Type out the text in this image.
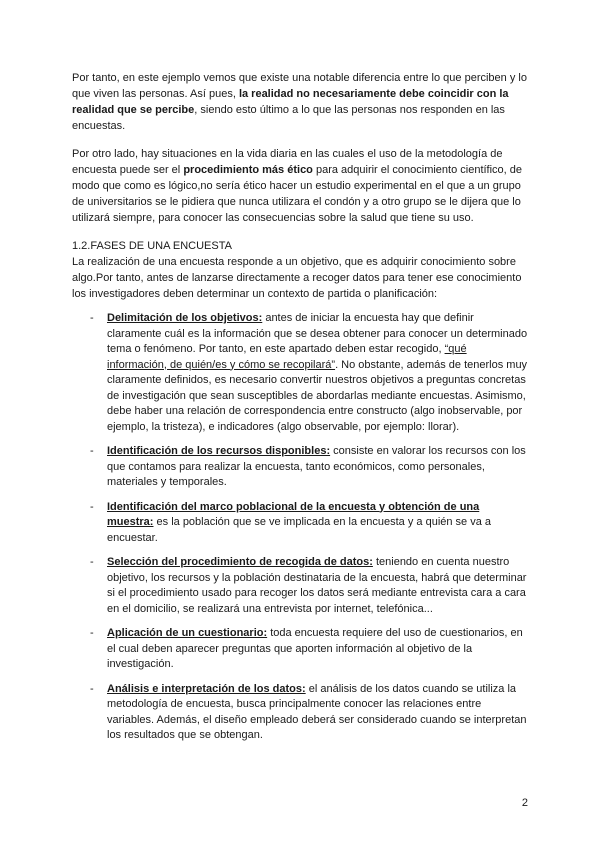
Por tanto, en este ejemplo vemos que existe una notable diferencia entre lo que perciben y lo que viven las personas. Así pues, la realidad no necesariamente debe coincidir con la realidad que se percibe, siendo esto último a lo que las personas nos responden en las encuestas.

Por otro lado, hay situaciones en la vida diaria en las cuales el uso de la metodología de encuesta puede ser el procedimiento más ético para adquirir el conocimiento científico, de modo que como es lógico,no sería ético hacer un estudio experimental en el que a un grupo de universitarios se le pidiera que nunca utilizara el condón y a otro grupo se le dijera que lo utilizará siempre, para conocer las consecuencias sobre la salud que tiene su uso.

1.2.FASES DE UNA ENCUESTA

La realización de una encuesta responde a un objetivo, que es adquirir conocimiento sobre algo.Por tanto, antes de lanzarse directamente a recoger datos para tener ese conocimiento los investigadores deben determinar un contexto de partida o planificación:

- Delimitación de los objetivos: antes de iniciar la encuesta hay que definir claramente cuál es la información que se desea obtener para conocer un determinado tema o fenómeno. Por tanto, en este apartado deben estar recogido, “qué información, de quién/es y cómo se recopilará”. No obstante, además de tenerlos muy claramente definidos, es necesario convertir nuestros objetivos a preguntas concretas de investigación que sean susceptibles de abordarlas mediante encuestas. Asimismo, debe haber una relación de correspondencia entre constructo (algo inobservable, por ejemplo, la tristeza), e indicadores (algo observable, por ejemplo: llorar).
- Identificación de los recursos disponibles: consiste en valorar los recursos con los que contamos para realizar la encuesta, tanto económicos, como personales, materiales y temporales.
- Identificación del marco poblacional de la encuesta y obtención de una muestra: es la población que se ve implicada en la encuesta y a quién se va a encuestar.
- Selección del procedimiento de recogida de datos: teniendo en cuenta nuestro objetivo, los recursos y la población destinataria de la encuesta, habrá que determinar si el procedimiento usado para recoger los datos será mediante entrevista cara a cara en el domicilio, se realizará una entrevista por internet, telefónica...
- Aplicación de un cuestionario: toda encuesta requiere del uso de cuestionarios, en el cual deben aparecer preguntas que aporten información al objetivo de la investigación.
- Análisis e interpretación de los datos: el análisis de los datos cuando se utiliza la metodología de encuesta, busca principalmente conocer las relaciones entre variables. Además, el diseño empleado deberá ser considerado cuando se interpretan los resultados que se obtengan.
2
